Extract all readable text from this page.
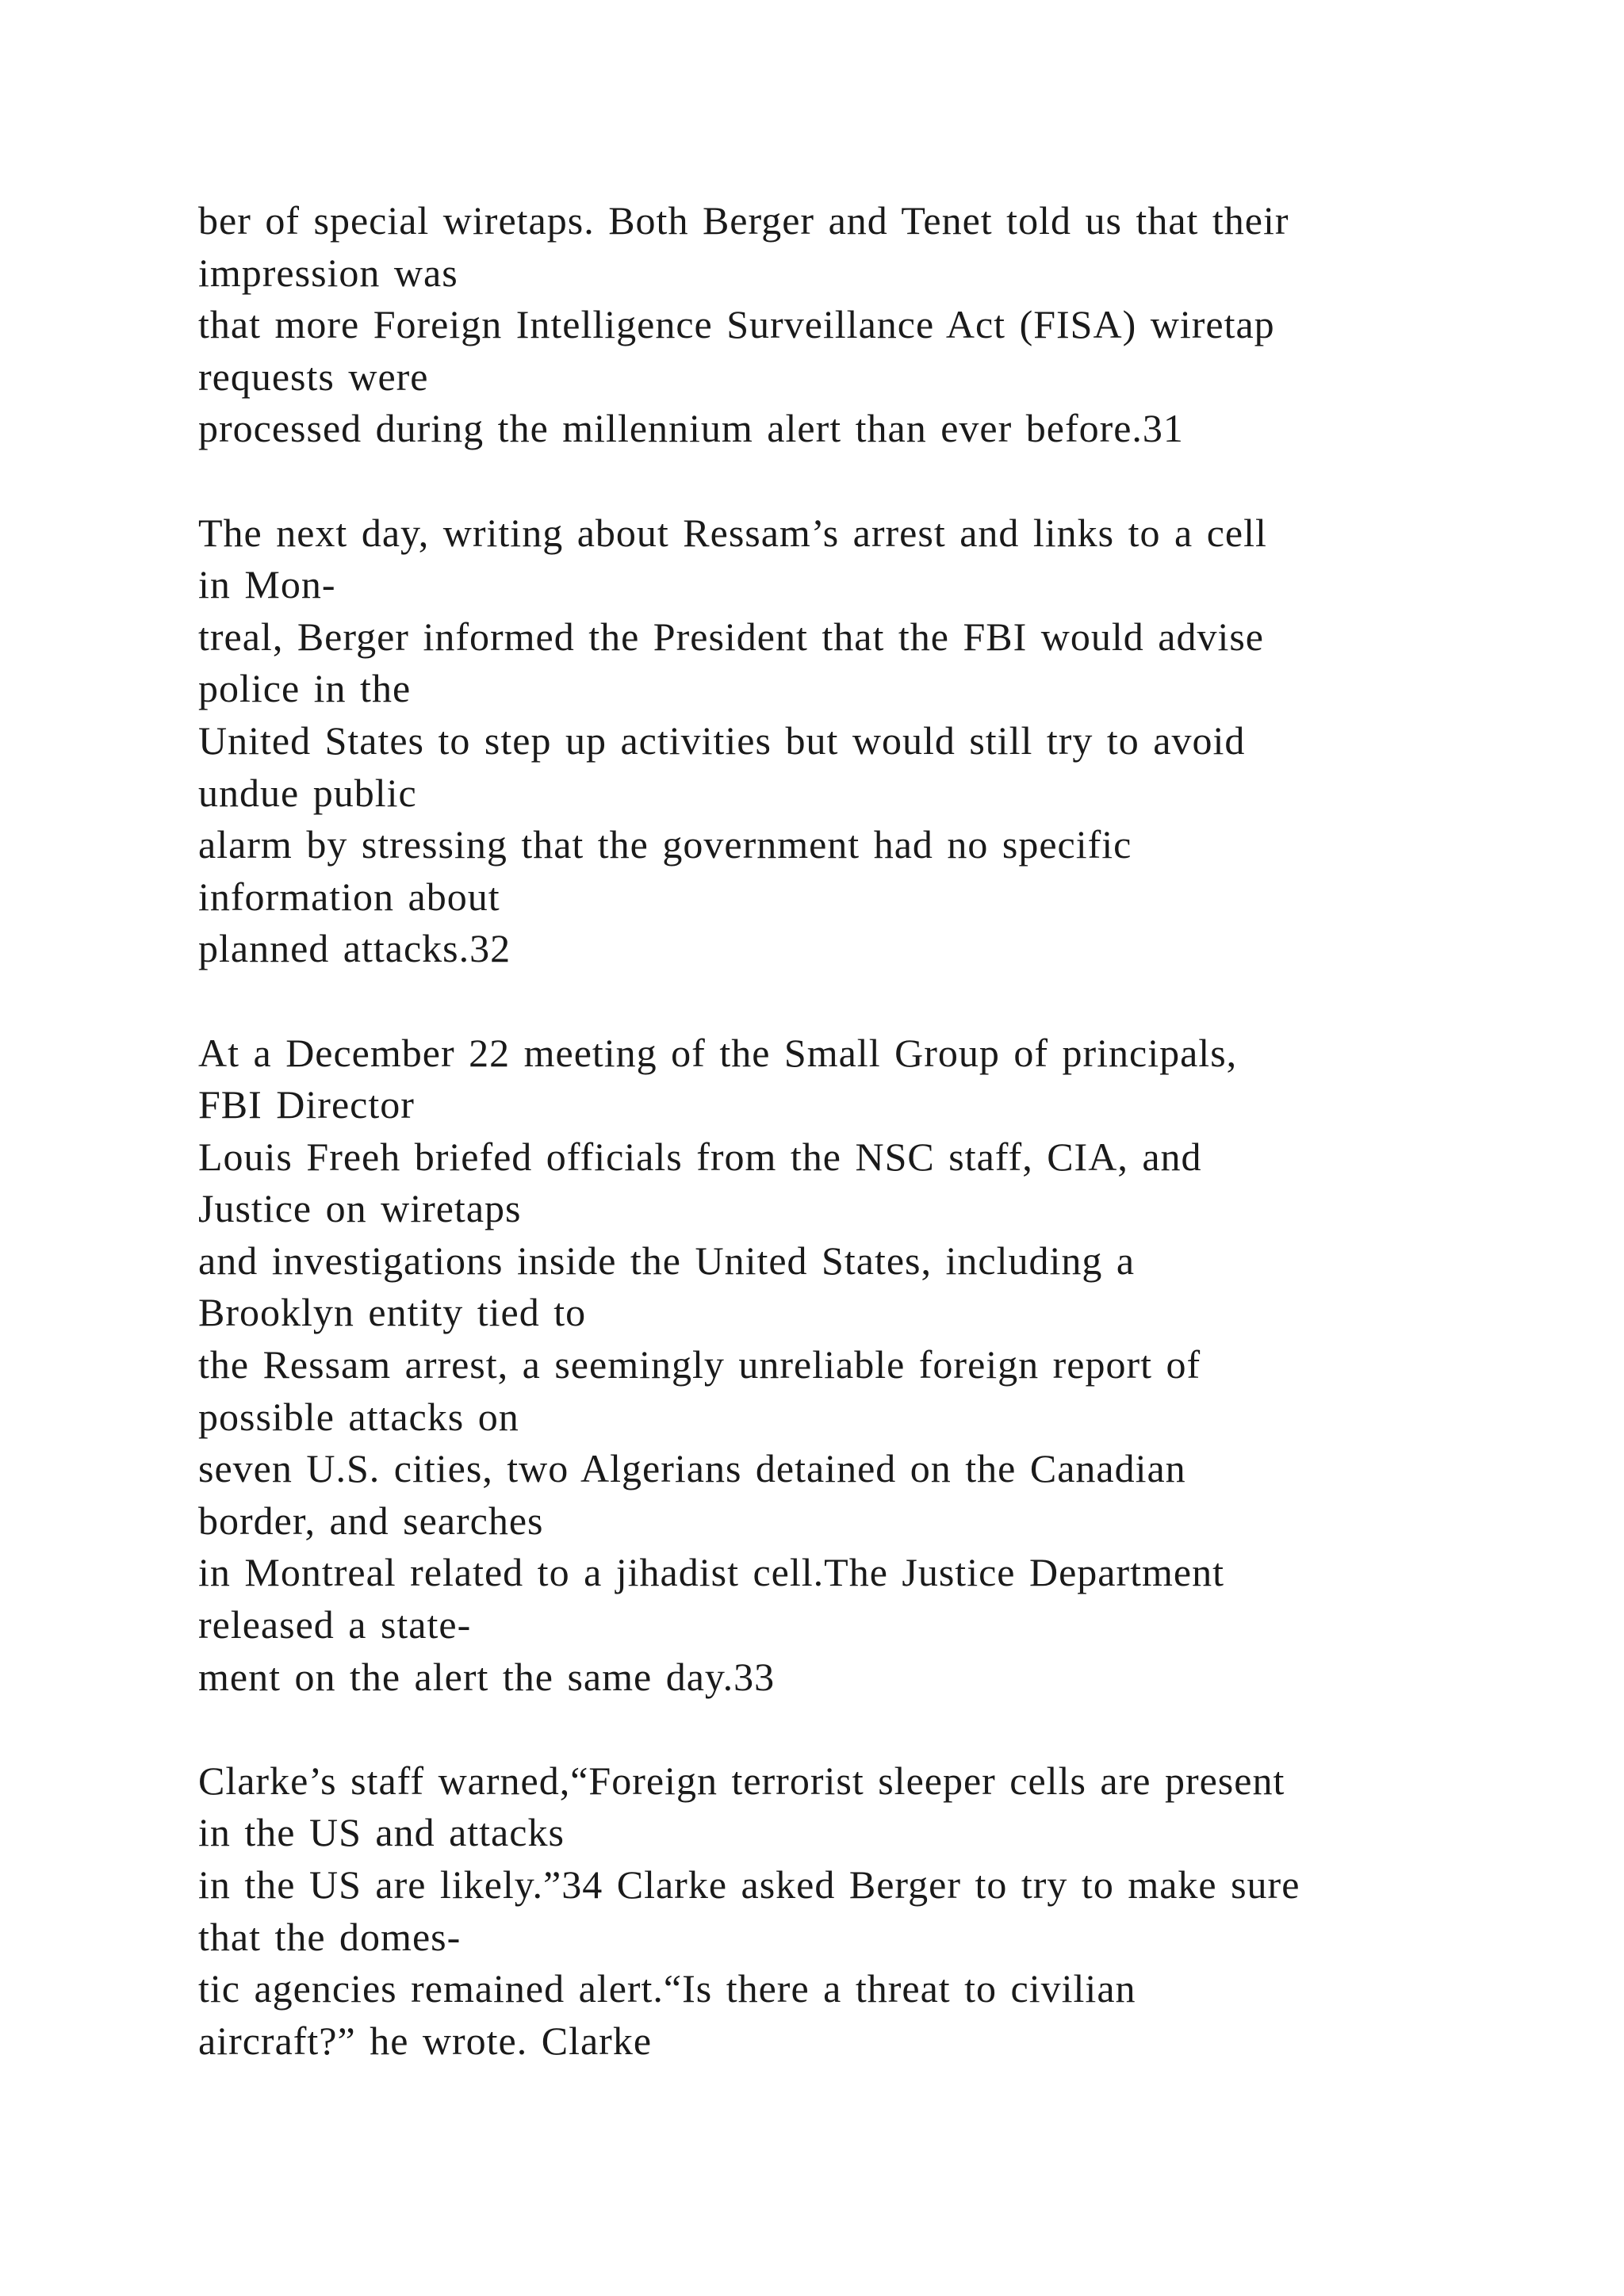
ber of special wiretaps. Both Berger and Tenet told us that their
impression was
that more Foreign Intelligence Surveillance Act (FISA) wiretap
requests were
processed during the millennium alert than ever before.31

The next day, writing about Ressam’s arrest and links to a cell
in Mon-
treal, Berger informed the President that the FBI would advise
police in the
United States to step up activities but would still try to avoid
undue public
alarm by stressing that the government had no specific
information about
planned attacks.32

At a December 22 meeting of the Small Group of principals,
FBI Director
Louis Freeh briefed officials from the NSC staff, CIA, and
Justice on wiretaps
and investigations inside the United States, including a
Brooklyn entity tied to
the Ressam arrest, a seemingly unreliable foreign report of
possible attacks on
seven U.S. cities, two Algerians detained on the Canadian
border, and searches
in Montreal related to a jihadist cell.The Justice Department
released a state-
ment on the alert the same day.33

Clarke’s staff warned,“Foreign terrorist sleeper cells are present
in the US and attacks
in the US are likely.”34 Clarke asked Berger to try to make sure
that the domes-
tic agencies remained alert.“Is there a threat to civilian
aircraft?” he wrote. Clarke
